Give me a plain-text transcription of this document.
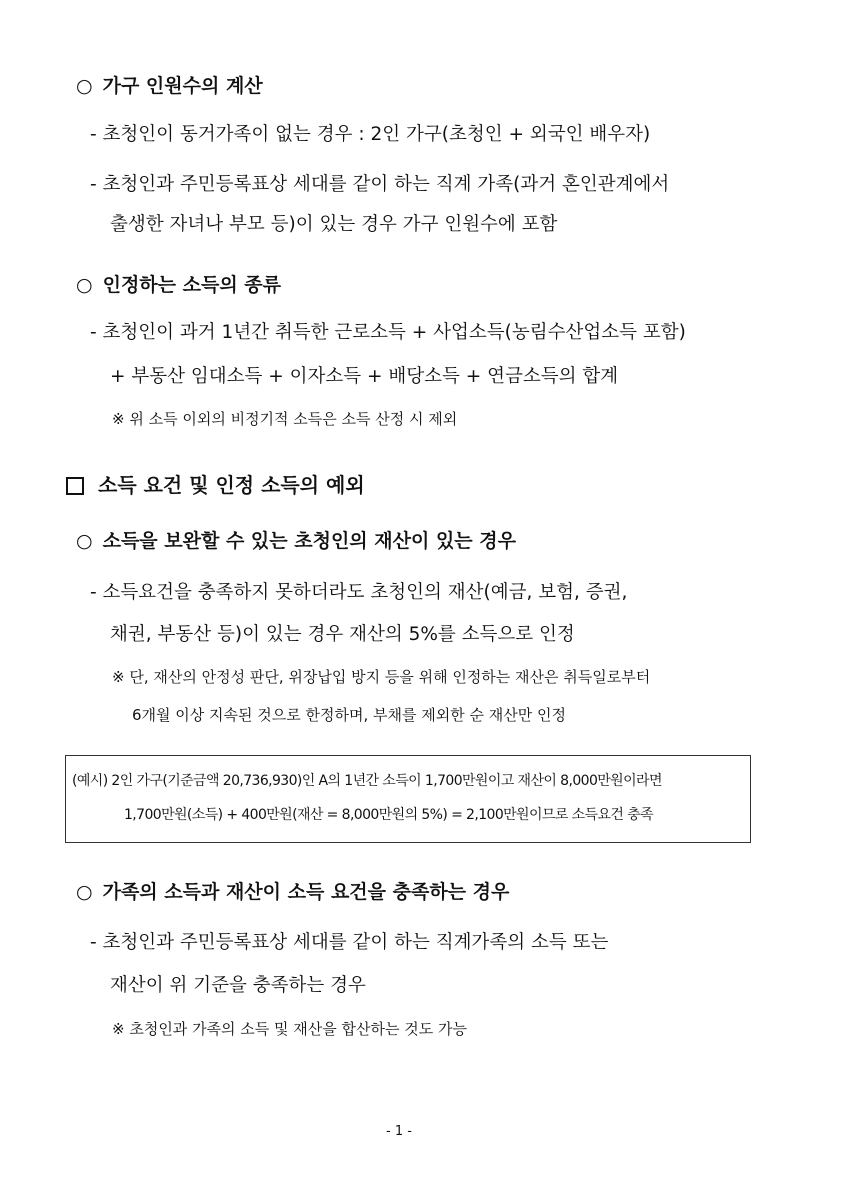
○ 가구 인원수의 계산
- 초청인이 동거가족이 없는 경우 : 2인 가구(초청인 + 외국인 배우자)
- 초청인과 주민등록표상 세대를 같이 하는 직계 가족(과거 혼인관계에서
출생한 자녀나 부모 등)이 있는 경우 가구 인원수에 포함
○ 인정하는 소득의 종류
- 초청인이 과거 1년간 취득한 근로소득 + 사업소득(농림수산업소득 포함)
+ 부동산 임대소득 + 이자소득 + 배당소득 + 연금소득의 합계
※ 위 소득 이외의 비정기적 소득은 소득 산정 시 제외
소득 요건 및 인정 소득의 예외
○ 소득을 보완할 수 있는 초청인의 재산이 있는 경우
- 소득요건을 충족하지 못하더라도 초청인의 재산(예금, 보험, 증권,
채권, 부동산 등)이 있는 경우 재산의 5%를 소득으로 인정
※ 단, 재산의 안정성 판단, 위장납입 방지 등을 위해 인정하는 재산은 취득일로부터
6개월 이상 지속된 것으로 한정하며, 부채를 제외한 순 재산만 인정
(예시) 2인 가구(기준금액 20,736,930)인 A의 1년간 소득이 1,700만원이고 재산이 8,000만원이라면
1,700만원(소득) + 400만원(재산 = 8,000만원의 5%) = 2,100만원이므로 소득요건 충족
○ 가족의 소득과 재산이 소득 요건을 충족하는 경우
- 초청인과 주민등록표상 세대를 같이 하는 직계가족의 소득 또는
재산이 위 기준을 충족하는 경우
※ 초청인과 가족의 소득 및 재산을 합산하는 것도 가능
- 1 -
